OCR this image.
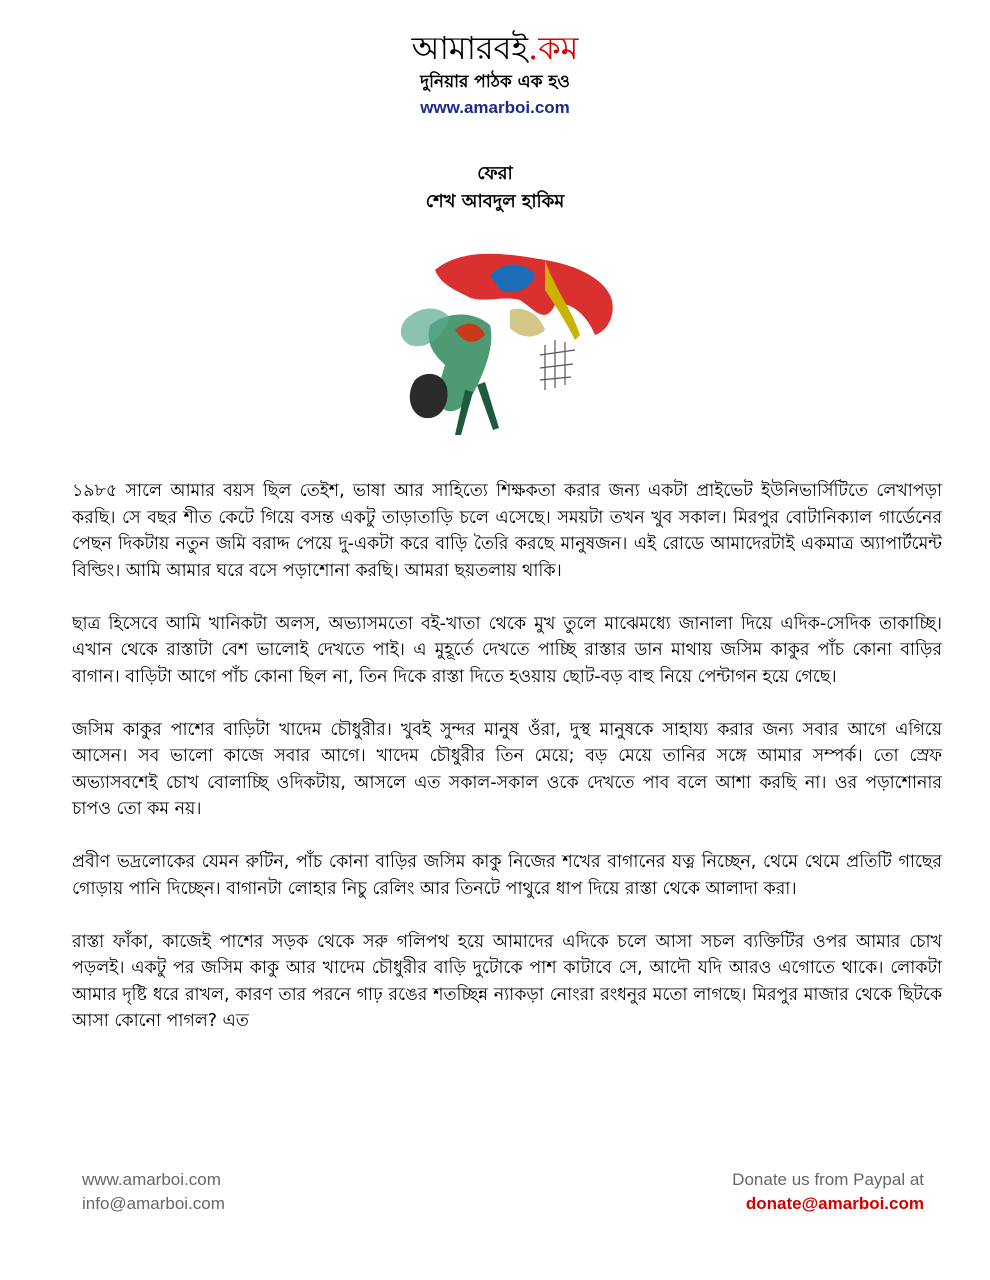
আমারবই.কম
দুনিয়ার পাঠক এক হও
www.amarboi.com
ফেরা
শেখ আবদুল হাকিম

১৯৮৫ সালে আমার বয়স ছিল তেইশ, ভাষা আর সাহিত্যে শিক্ষকতা করার জন্য একটা প্রাইভেট ইউনিভার্সিটিতে লেখাপড়া করছি। সে বছর শীত কেটে গিয়ে বসন্ত একটু তাড়াতাড়ি চলে এসেছে। সময়টা তখন খুব সকাল। মিরপুর বোটানিক্যাল গার্ডেনের পেছন দিকটায় নতুন জমি বরাদ্দ পেয়ে দু-একটা করে বাড়ি তৈরি করছে মানুষজন। এই রোডে আমাদেরটাই একমাত্র অ্যাপার্টমেন্ট বিল্ডিং। আমি আমার ঘরে বসে পড়াশোনা করছি। আমরা ছয়তলায় থাকি।

ছাত্র হিসেবে আমি খানিকটা অলস, অভ্যাসমতো বই-খাতা থেকে মুখ তুলে মাঝেমধ্যে জানালা দিয়ে এদিক-সেদিক তাকাচ্ছি। এখান থেকে রাস্তাটা বেশ ভালোই দেখতে পাই। এ মুহূর্তে দেখতে পাচ্ছি রাস্তার ডান মাথায় জসিম কাকুর পাঁচ কোনা বাড়ির বাগান। বাড়িটা আগে পাঁচ কোনা ছিল না, তিন দিকে রাস্তা দিতে হওয়ায় ছোট-বড় বাহু নিয়ে পেন্টাগন হয়ে গেছে।

জসিম কাকুর পাশের বাড়িটা খাদেম চৌধুরীর। খুবই সুন্দর মানুষ ওঁরা, দুস্থ মানুষকে সাহায্য করার জন্য সবার আগে এগিয়ে আসেন। সব ভালো কাজে সবার আগে। খাদেম চৌধুরীর তিন মেয়ে; বড় মেয়ে তানির সঙ্গে আমার সম্পর্ক। তো স্রেফ অভ্যাসবশেই চোখ বোলাচ্ছি ওদিকটায়, আসলে এত সকাল-সকাল ওকে দেখতে পাব বলে আশা করছি না। ওর পড়াশোনার চাপও তো কম নয়।

প্রবীণ ভদ্রলোকের যেমন রুটিন, পাঁচ কোনা বাড়ির জসিম কাকু নিজের শখের বাগানের যত্ন নিচ্ছেন, থেমে থেমে প্রতিটি গাছের গোড়ায় পানি দিচ্ছেন। বাগানটা লোহার নিচু রেলিং আর তিনটে পাথুরে ধাপ দিয়ে রাস্তা থেকে আলাদা করা।

রাস্তা ফাঁকা, কাজেই পাশের সড়ক থেকে সরু গলিপথ হয়ে আমাদের এদিকে চলে আসা সচল ব্যক্তিটির ওপর আমার চোখ পড়লই। একটু পর জসিম কাকু আর খাদেম চৌধুরীর বাড়ি দুটোকে পাশ কাটাবে সে, আদৌ যদি আরও এগোতে থাকে। লোকটা আমার দৃষ্টি ধরে রাখল, কারণ তার পরনে গাঢ় রঙের শতচ্ছিন্ন ন্যাকড়া নোংরা রংধনুর মতো লাগছে। মিরপুর মাজার থেকে ছিটকে আসা কোনো পাগল? এত

www.amarboi.com
info@amarboi.com
Donate us from Paypal at
donate@amarboi.com
